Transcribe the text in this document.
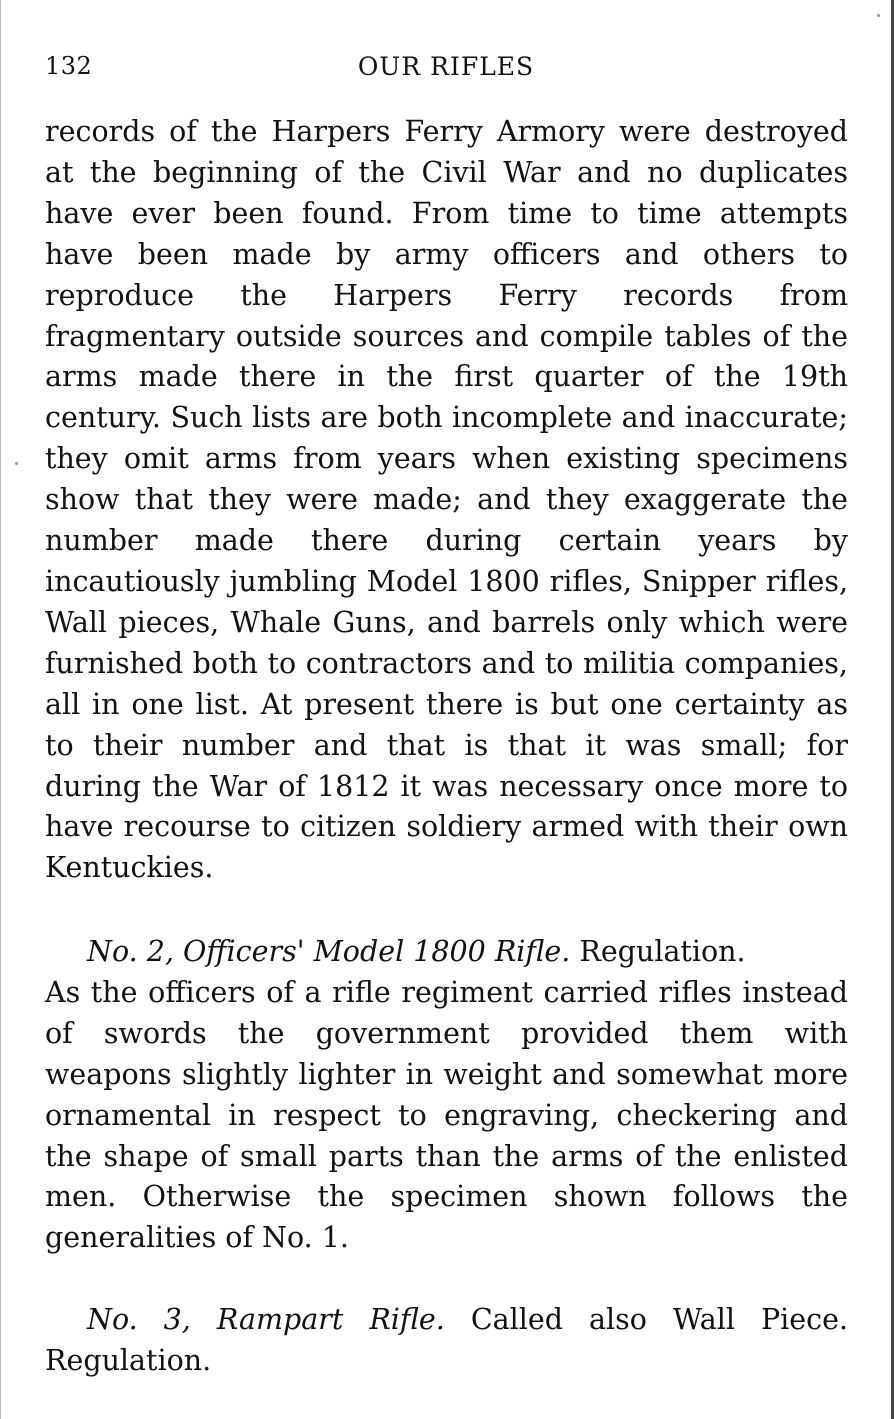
132	OUR RIFLES

records of the Harpers Ferry Armory were destroyed at the beginning of the Civil War and no duplicates have ever been found. From time to time attempts have been made by army officers and others to reproduce the Harpers Ferry records from fragmentary outside sources and compile tables of the arms made there in the first quarter of the 19th century. Such lists are both incomplete and inaccurate; they omit arms from years when existing specimens show that they were made; and they exaggerate the number made there during certain years by incautiously jumbling Model 1800 rifles, Snipper rifles, Wall pieces, Whale Guns, and barrels only which were furnished both to contractors and to militia companies, all in one list. At present there is but one certainty as to their number and that is that it was small; for during the War of 1812 it was necessary once more to have recourse to citizen soldiery armed with their own Kentuckies.

No. 2, Officers' Model 1800 Rifle. Regulation.
As the officers of a rifle regiment carried rifles instead of swords the government provided them with weapons slightly lighter in weight and somewhat more ornamental in respect to engraving, checkering and the shape of small parts than the arms of the enlisted men. Otherwise the specimen shown follows the generalities of No. 1.

No. 3, Rampart Rifle. Called also Wall Piece. Regulation.
